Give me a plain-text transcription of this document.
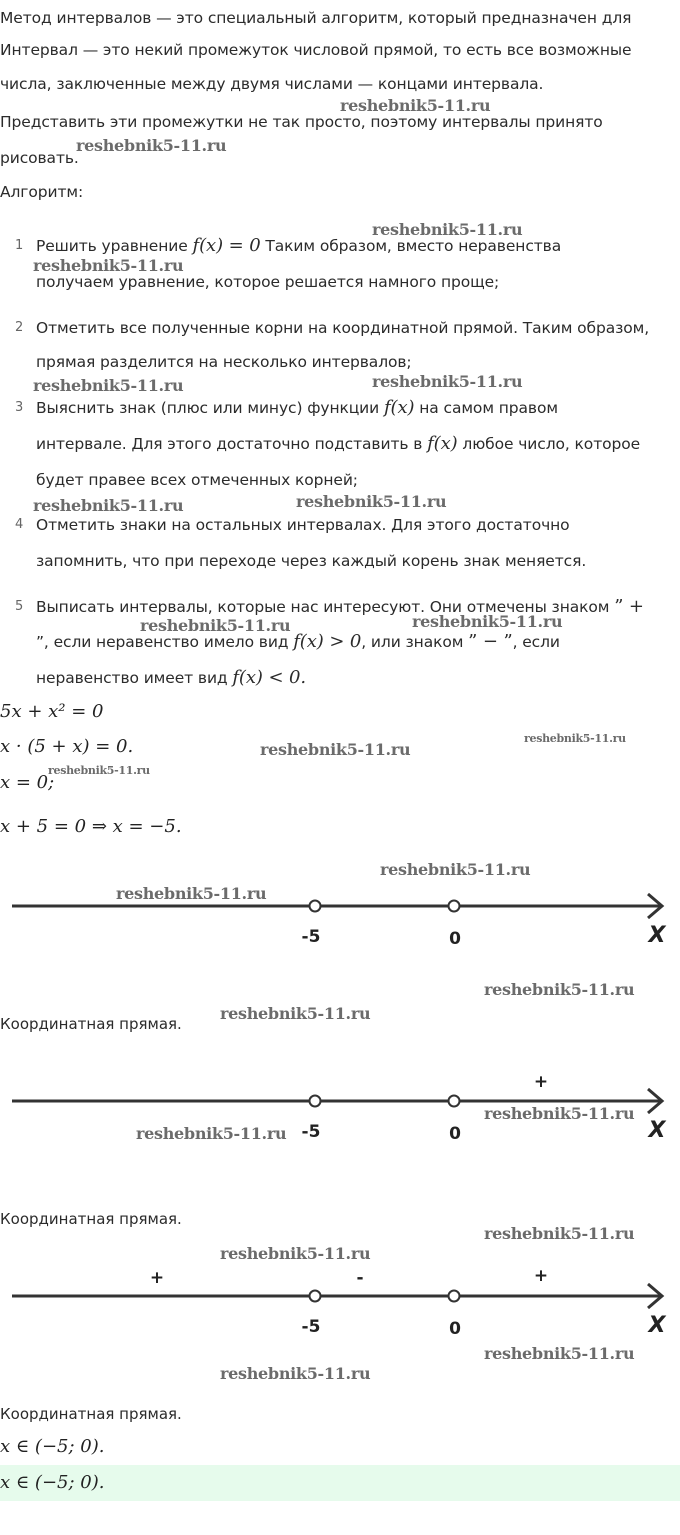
Метод интервалов — это специальный алгоритм, который предназначен для
Интервал — это некий промежуток числовой прямой, то есть все возможные
числа, заключенные между двумя числами — концами интервала.
Представить эти промежутки не так просто, поэтому интервалы принято
рисовать.
Алгоритм:
1 Решить уравнение f(x) = 0 Таким образом, вместо неравенства
получаем уравнение, которое решается намного проще;
2 Отметить все полученные корни на координатной прямой. Таким образом,
прямая разделится на несколько интервалов;
3 Выяснить знак (плюс или минус) функции f(x) на самом правом
интервале. Для этого достаточно подставить в f(x) любое число, которое
будет правее всех отмеченных корней;
4 Отметить знаки на остальных интервалах. Для этого достаточно
запомнить, что при переходе через каждый корень знак меняется.
5 Выписать интервалы, которые нас интересуют. Они отмечены знаком ” +
”, если неравенство имело вид f(x) > 0, или знаком ” − ”, если
неравенство имеет вид f(x) < 0.
5x + x² = 0
x · (5 + x) = 0.
x = 0;
x + 5 = 0 ⇒ x = −5.
-5	0	X
Координатная прямая.
+
-5	0	X
Координатная прямая.
+	-	+
-5	0	X
Координатная прямая.
x ∈ (−5; 0).
x ∈ (−5; 0).
reshebnik5-11.ru
reshebnik5-11.ru
reshebnik5-11.ru
reshebnik5-11.ru
reshebnik5-11.ru	reshebnik5-11.ru
reshebnik5-11.ru	reshebnik5-11.ru
reshebnik5-11.ru	reshebnik5-11.ru
reshebnik5-11.ru
reshebnik5-11.ru
reshebnik5-11.ru
reshebnik5-11.ru
reshebnik5-11.ru
reshebnik5-11.ru
reshebnik5-11.ru
reshebnik5-11.ru
reshebnik5-11.ru
reshebnik5-11.ru
reshebnik5-11.ru
reshebnik5-11.ru
reshebnik5-11.ru
